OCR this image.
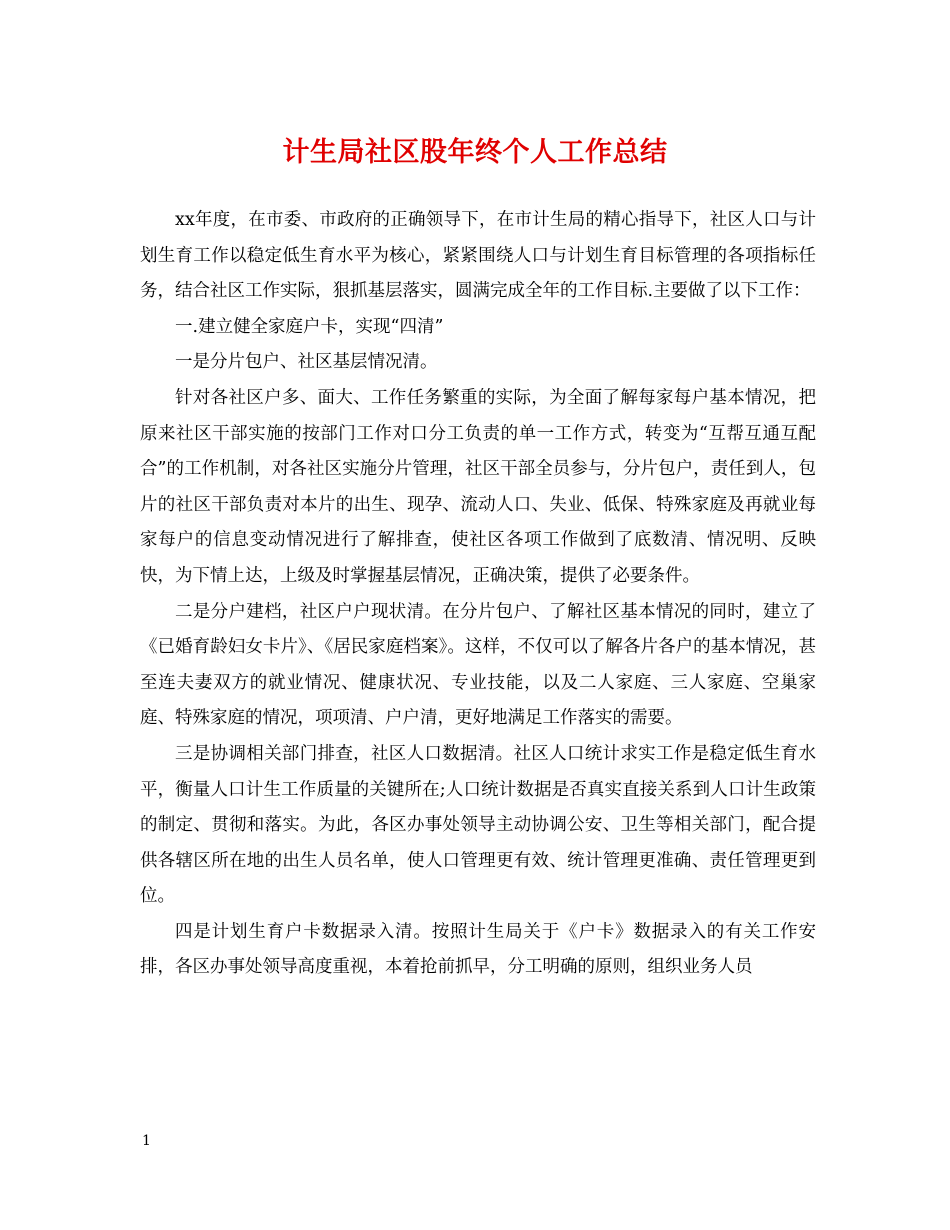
计生局社区股年终个人工作总结

xx年度，在市委、市政府的正确领导下，在市计生局的精心指导下，社区人口与计划生育工作以稳定低生育水平为核心，紧紧围绕人口与计划生育目标管理的各项指标任务，结合社区工作实际，狠抓基层落实，圆满完成全年的工作目标.主要做了以下工作：

一.建立健全家庭户卡，实现“四清”

一是分片包户、社区基层情况清。

针对各社区户多、面大、工作任务繁重的实际，为全面了解每家每户基本情况，把原来社区干部实施的按部门工作对口分工负责的单一工作方式，转变为“互帮互通互配合”的工作机制，对各社区实施分片管理，社区干部全员参与，分片包户，责任到人，包片的社区干部负责对本片的出生、现孕、流动人口、失业、低保、特殊家庭及再就业每家每户的信息变动情况进行了解排查，使社区各项工作做到了底数清、情况明、反映快，为下情上达，上级及时掌握基层情况，正确决策，提供了必要条件。

二是分户建档，社区户户现状清。在分片包户、了解社区基本情况的同时，建立了《已婚育龄妇女卡片》、《居民家庭档案》。这样，不仅可以了解各片各户的基本情况，甚至连夫妻双方的就业情况、健康状况、专业技能，以及二人家庭、三人家庭、空巢家庭、特殊家庭的情况，项项清、户户清，更好地满足工作落实的需要。

三是协调相关部门排查，社区人口数据清。社区人口统计求实工作是稳定低生育水平，衡量人口计生工作质量的关键所在;人口统计数据是否真实直接关系到人口计生政策的制定、贯彻和落实。为此，各区办事处领导主动协调公安、卫生等相关部门，配合提供各辖区所在地的出生人员名单，使人口管理更有效、统计管理更准确、责任管理更到位。

四是计划生育户卡数据录入清。按照计生局关于《户卡》数据录入的有关工作安排，各区办事处领导高度重视，本着抢前抓早，分工明确的原则，组织业务人员

1
